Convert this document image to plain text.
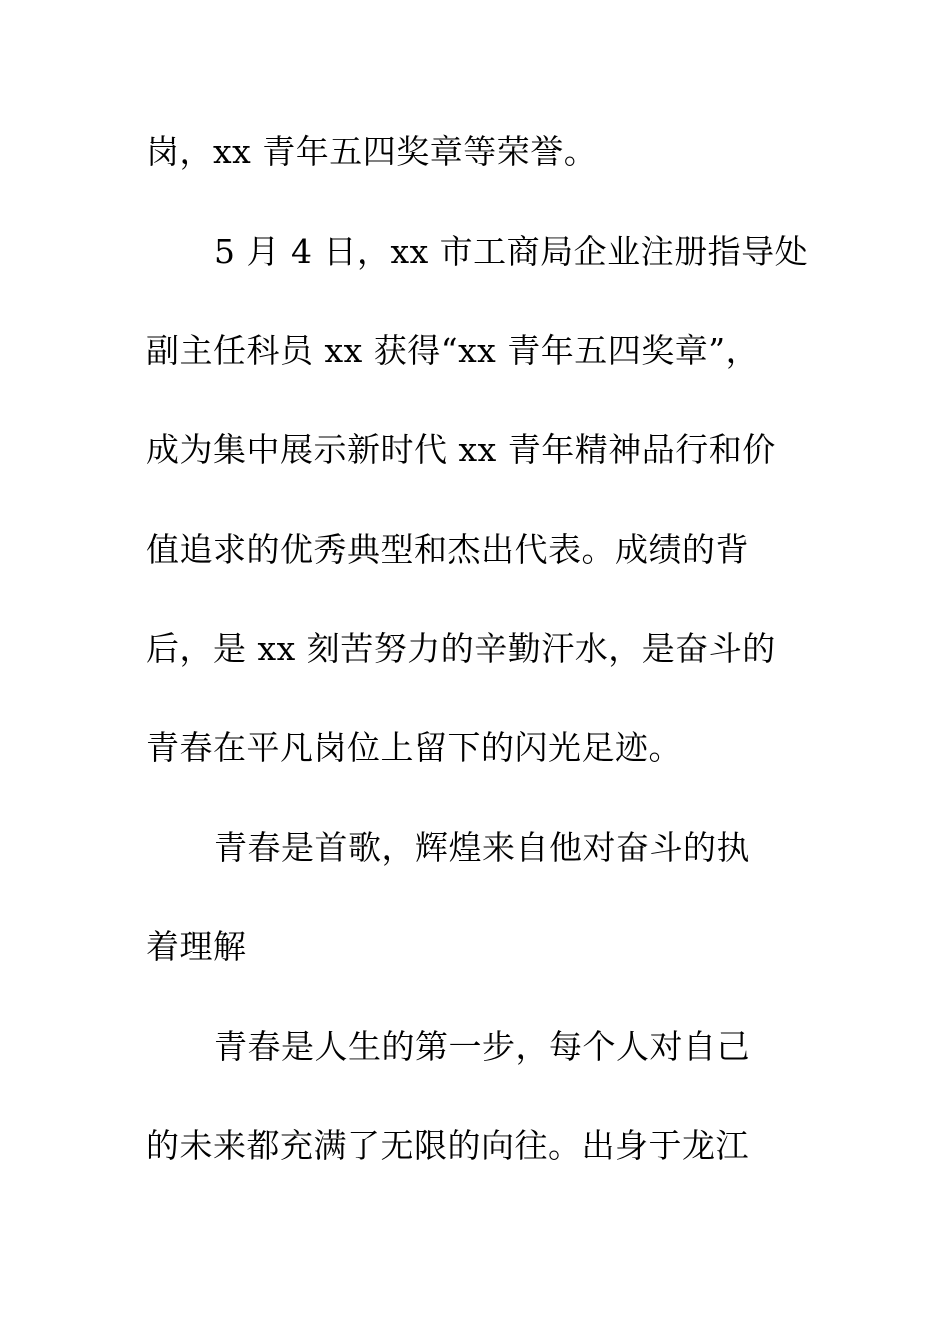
岗，xx 青年五四奖章等荣誉。
5 月 4 日，xx 市工商局企业注册指导处
副主任科员 xx 获得“xx 青年五四奖章”，
成为集中展示新时代 xx 青年精神品行和价
值追求的优秀典型和杰出代表。成绩的背
后，是 xx 刻苦努力的辛勤汗水，是奋斗的
青春在平凡岗位上留下的闪光足迹。
青春是首歌，辉煌来自他对奋斗的执
着理解
青春是人生的第一步，每个人对自己
的未来都充满了无限的向往。出身于龙江
